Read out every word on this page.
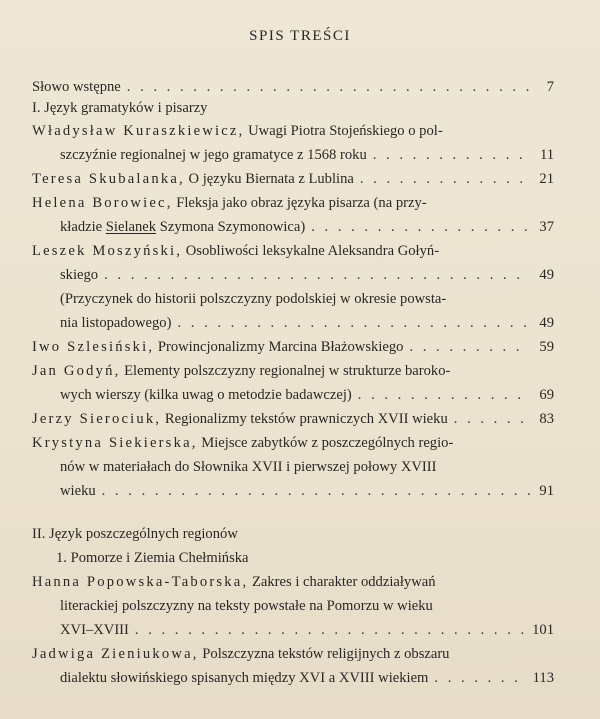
SPIS TREŚCI
Słowo wstępne . . .	7
I. Język gramatyków i pisarzy
Władysław Kuraszkiewicz, Uwagi Piotra Stojeńskiego o pol-
szczyźnie regionalnej w jego gramatyce z 1568 roku . . .	11
Teresa Skubalanka, O języku Biernata z Lublina . . .	21
Helena Borowiec, Fleksja jako obraz języka pisarza (na przy-
kładzie Sielanek Szymona Szymonowica) . . .	37
Leszek Moszyński, Osobliwości leksykalne Aleksandra Gołyń-
skiego . . .	49
(Przyczynek do historii polszczyzny podolskiej w okresie powsta-
nia listopadowego) . . .	49
Iwo Szlesiński, Prowincjonalizmy Marcina Błażowskiego . . .	59
Jan Godyń, Elementy polszczyzny regionalnej w strukturze baroko-
wych wierszy (kilka uwag o metodzie badawczej) . . .	69
Jerzy Sierociuk, Regionalizmy tekstów prawniczych XVII wieku . . .	83
Krystyna Siekierska, Miejsce zabytków z poszczególnych regio-
nów w materiałach do Słownika XVII i pierwszej połowy XVIII
wieku . . .	91
II. Język poszczególnych regionów
1. Pomorze i Ziemia Chełmińska
Hanna Popowska-Taborska, Zakres i charakter oddziaływań
literackiej polszczyzny na teksty powstałe na Pomorzu w wieku
XVI–XVIII . . .	101
Jadwiga Zieniukowa, Polszczyzna tekstów religijnych z obszaru
dialektu słowińskiego spisanych między XVI a XVIII wiekiem . . .	113
